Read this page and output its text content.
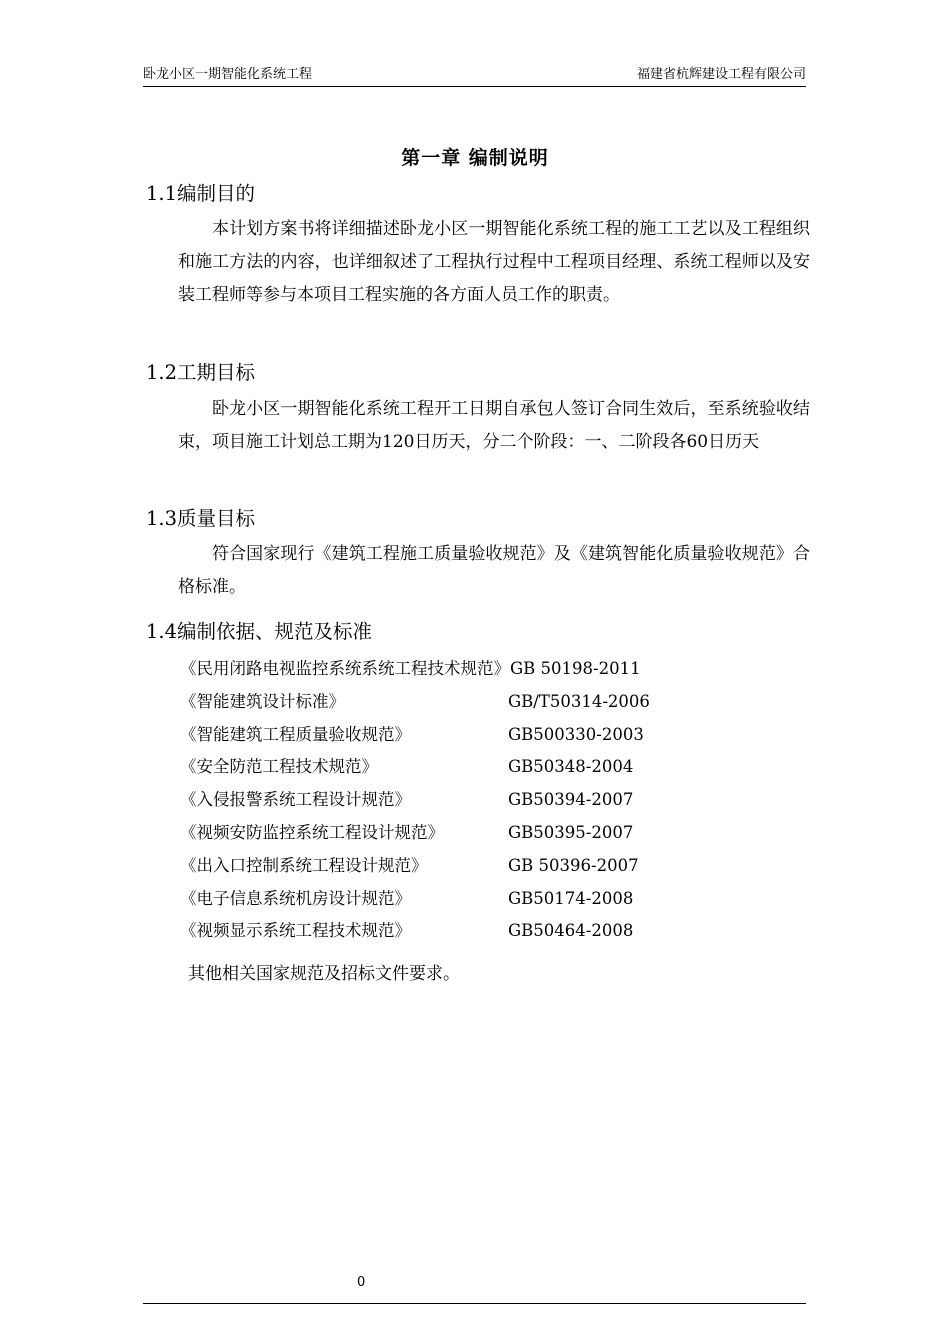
卧龙小区一期智能化系统工程	福建省杭辉建设工程有限公司
第一章 编制说明
1.1编制目的

本计划方案书将详细描述卧龙小区一期智能化系统工程的施工工艺以及工程组织和施工方法的内容，也详细叙述了工程执行过程中工程项目经理、系统工程师以及安装工程师等参与本项目工程实施的各方面人员工作的职责。

1.2工期目标

卧龙小区一期智能化系统工程开工日期自承包人签订合同生效后，至系统验收结束，项目施工计划总工期为120日历天，分二个阶段：一、二阶段各60日历天

1.3质量目标

符合国家现行《建筑工程施工质量验收规范》及《建筑智能化质量验收规范》合格标准。

1.4编制依据、规范及标准
《民用闭路电视监控系统系统工程技术规范》GB 50198-2011
《智能建筑设计标准》	GB/T50314-2006
《智能建筑工程质量验收规范》	GB500330-2003
《安全防范工程技术规范》	GB50348-2004
《入侵报警系统工程设计规范》	GB50394-2007
《视频安防监控系统工程设计规范》	GB50395-2007
《出入口控制系统工程设计规范》	GB 50396-2007
《电子信息系统机房设计规范》	GB50174-2008
《视频显示系统工程技术规范》	GB50464-2008
其他相关国家规范及招标文件要求。
0
